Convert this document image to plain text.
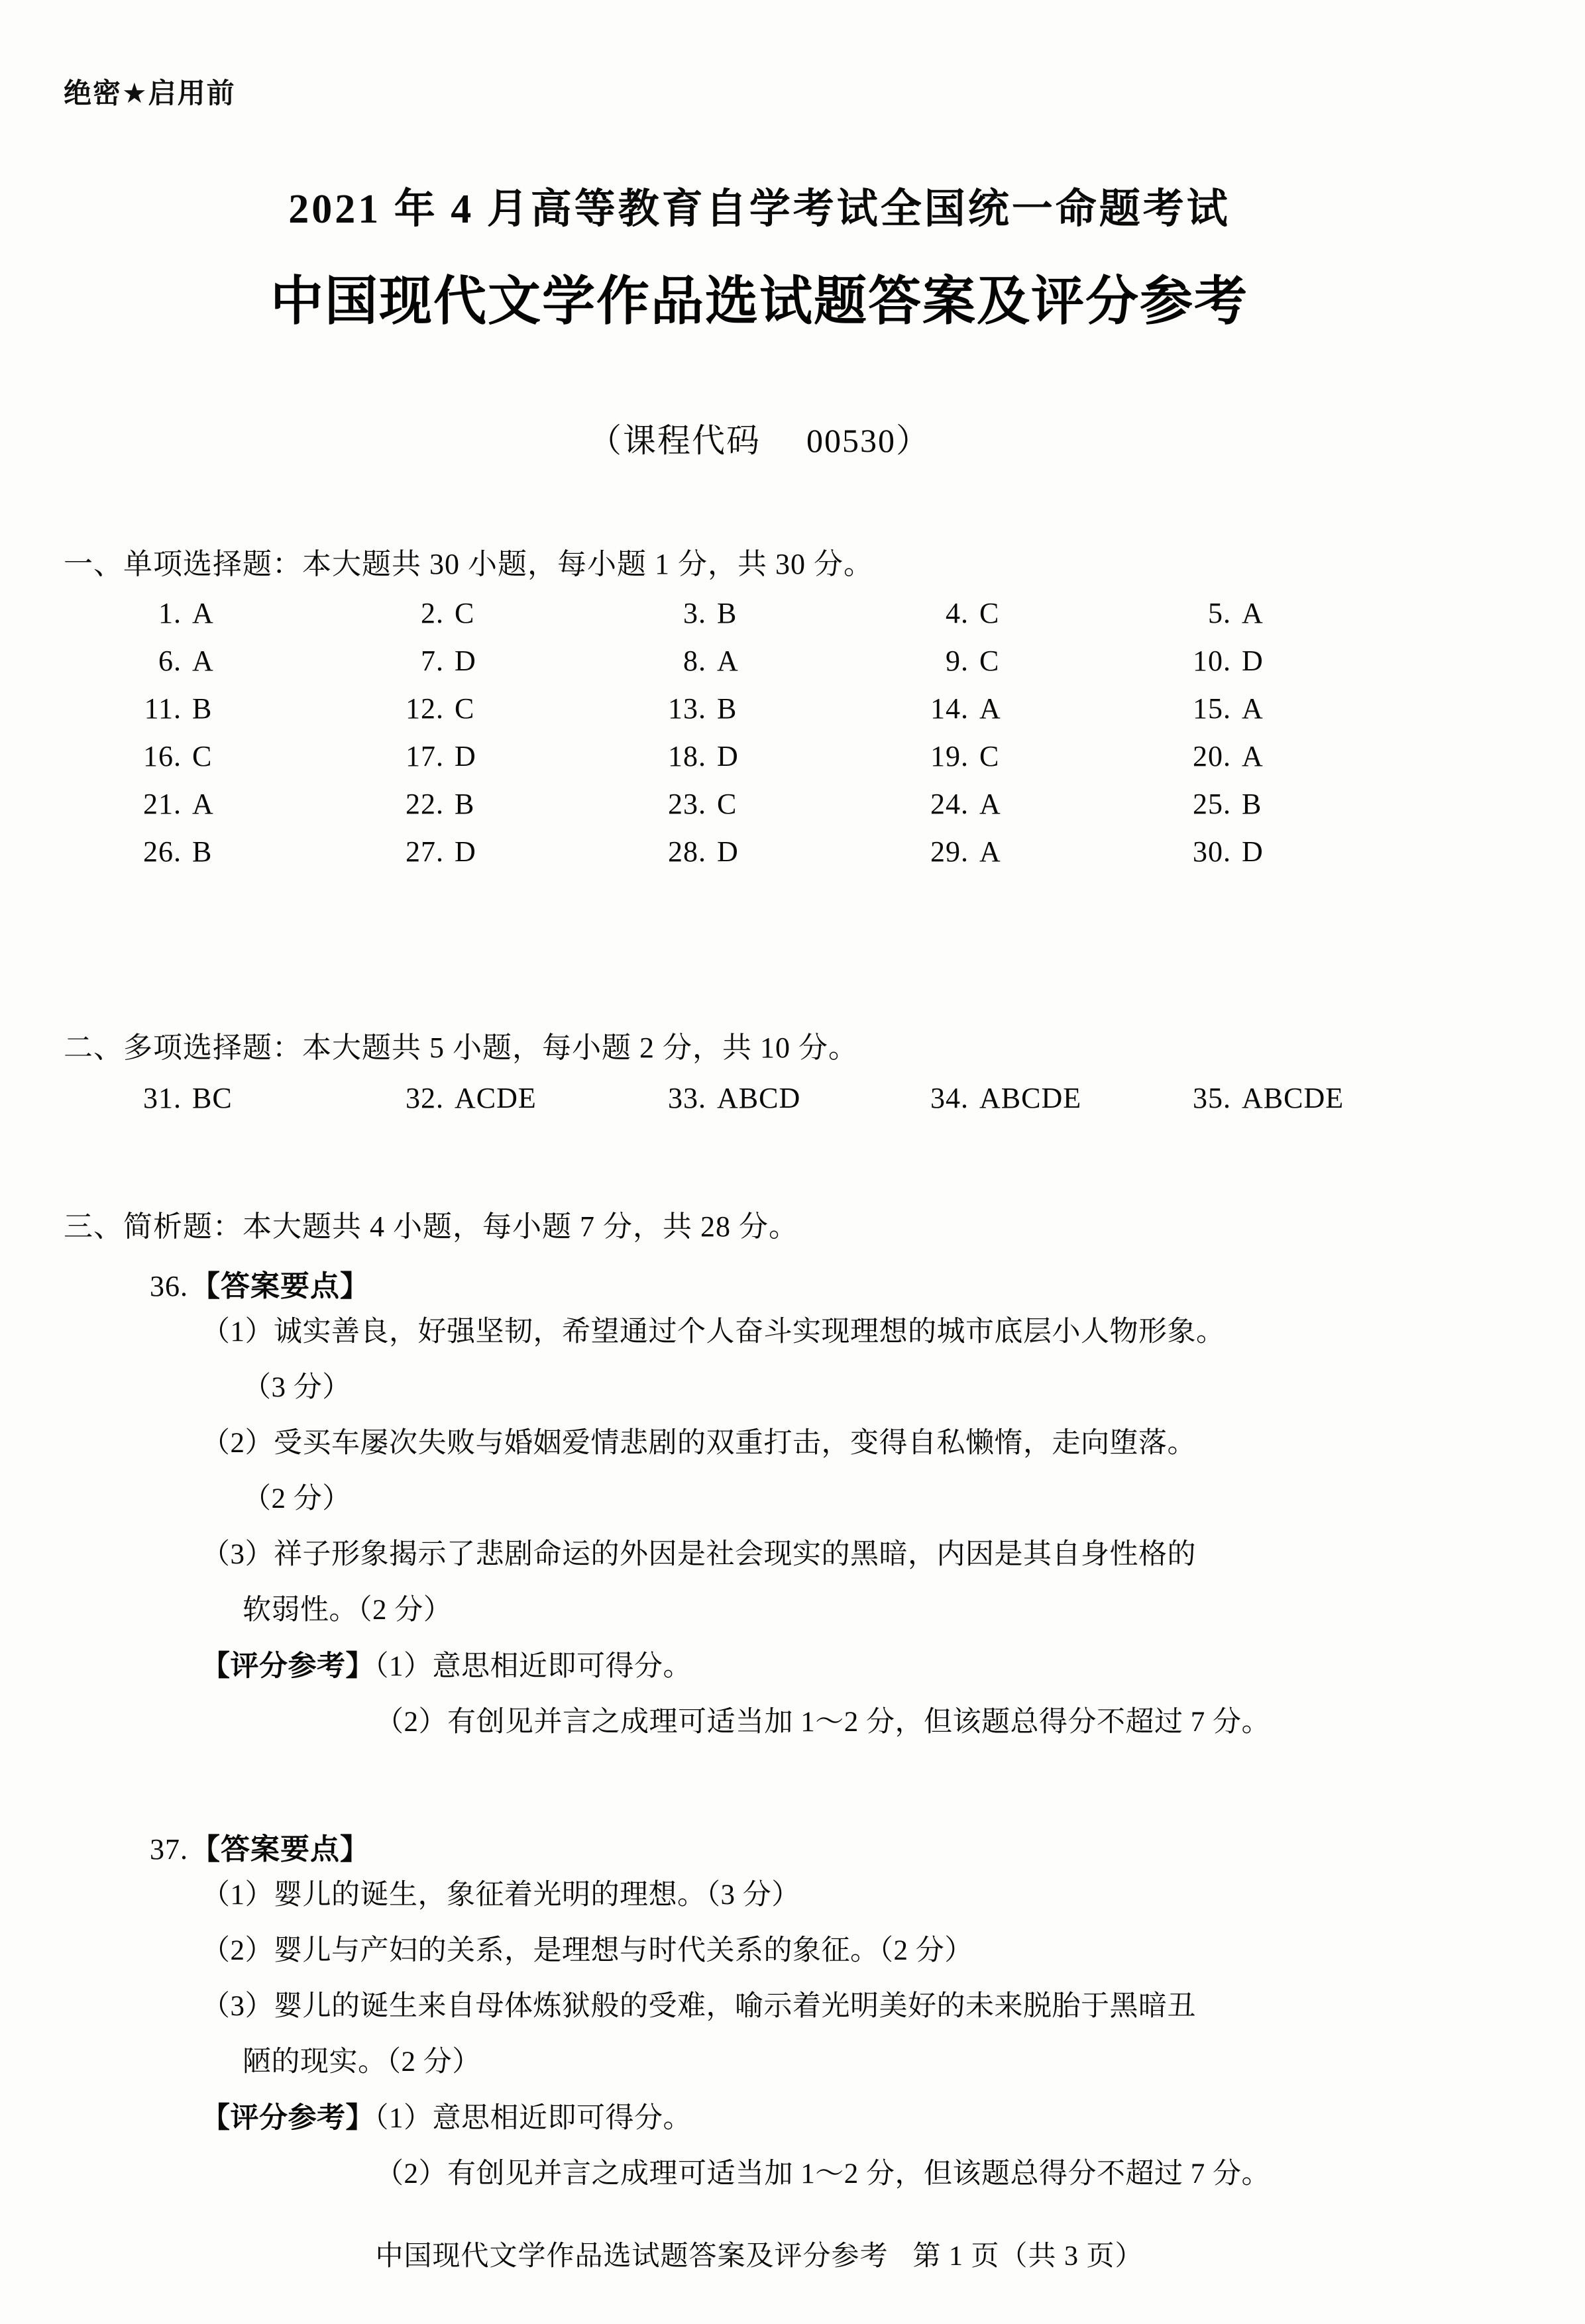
绝密★启用前
2021 年 4 月高等教育自学考试全国统一命题考试
中国现代文学作品选试题答案及评分参考
（课程代码 00530）
一、单项选择题：本大题共 30 小题，每小题 1 分，共 30 分。
1. A	2. C	3. B	4. C	5. A
6. A	7. D	8. A	9. C	10. D
11. B	12. C	13. B	14. A	15. A
16. C	17. D	18. D	19. C	20. A
21. A	22. B	23. C	24. A	25. B
26. B	27. D	28. D	29. A	30. D
二、多项选择题：本大题共 5 小题，每小题 2 分，共 10 分。
31. BC	32. ACDE	33. ABCD	34. ABCDE	35. ABCDE
三、简析题：本大题共 4 小题，每小题 7 分，共 28 分。
36.【答案要点】
（1）诚实善良，好强坚韧，希望通过个人奋斗实现理想的城市底层小人物形象。
（3 分）
（2）受买车屡次失败与婚姻爱情悲剧的双重打击，变得自私懒惰，走向堕落。
（2 分）
（3）祥子形象揭示了悲剧命运的外因是社会现实的黑暗，内因是其自身性格的
软弱性。（2 分）
【评分参考】（1）意思相近即可得分。
（2）有创见并言之成理可适当加 1～2 分，但该题总得分不超过 7 分。
37.【答案要点】
（1）婴儿的诞生，象征着光明的理想。（3 分）
（2）婴儿与产妇的关系，是理想与时代关系的象征。（2 分）
（3）婴儿的诞生来自母体炼狱般的受难，喻示着光明美好的未来脱胎于黑暗丑
陋的现实。（2 分）
【评分参考】（1）意思相近即可得分。
（2）有创见并言之成理可适当加 1～2 分，但该题总得分不超过 7 分。
中国现代文学作品选试题答案及评分参考 第 1 页（共 3 页）
